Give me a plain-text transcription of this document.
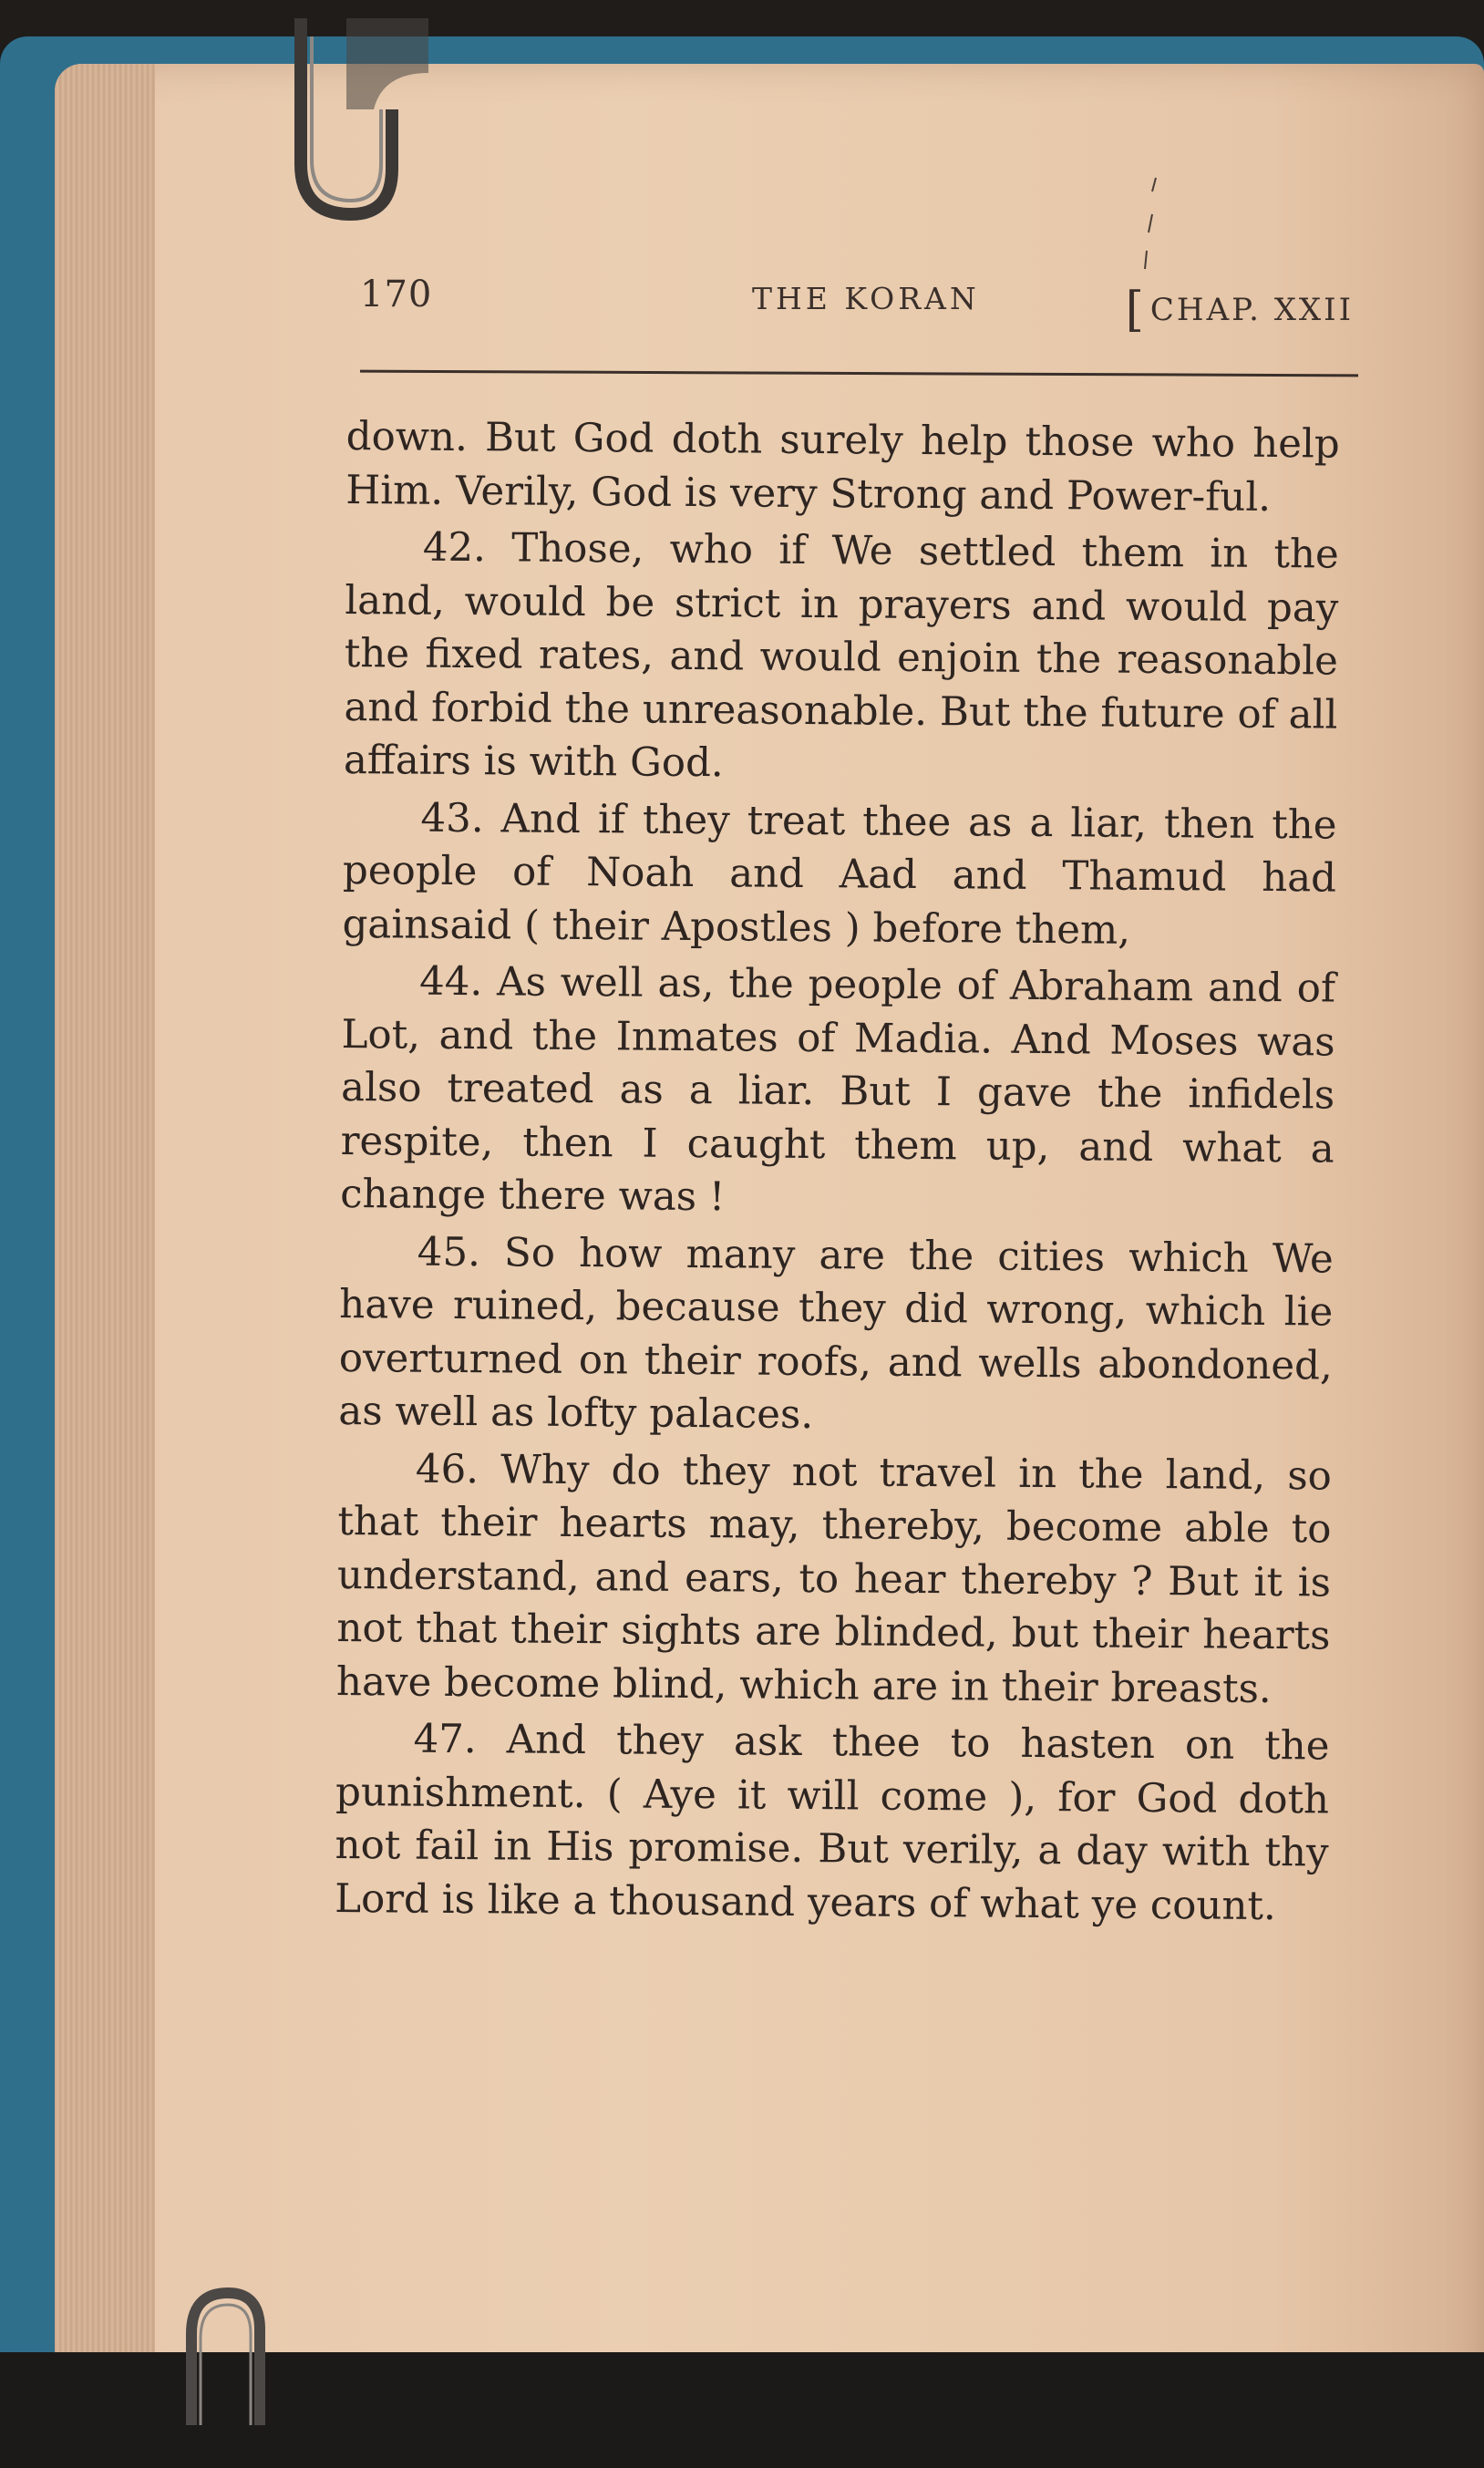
170	THE KORAN	[ CHAP. XXII

down. But God doth surely help those who help Him. Verily, God is very Strong and Power-ful.

42. Those, who if We settled them in the land, would be strict in prayers and would pay the fixed rates, and would enjoin the reasonable and forbid the unreasonable. But the future of all affairs is with God.

43. And if they treat thee as a liar, then the people of Noah and Aad and Thamud had gainsaid ( their Apostles ) before them,

44. As well as, the people of Abraham and of Lot, and the Inmates of Madia. And Moses was also treated as a liar. But I gave the infidels respite, then I caught them up, and what a change there was !

45. So how many are the cities which We have ruined, because they did wrong, which lie overturned on their roofs, and wells abondoned, as well as lofty palaces.

46. Why do they not travel in the land, so that their hearts may, thereby, become able to understand, and ears, to hear thereby ? But it is not that their sights are blinded, but their hearts have become blind, which are in their breasts.

47. And they ask thee to hasten on the punishment. ( Aye it will come ), for God doth not fail in His promise. But verily, a day with thy Lord is like a thousand years of what ye count.
